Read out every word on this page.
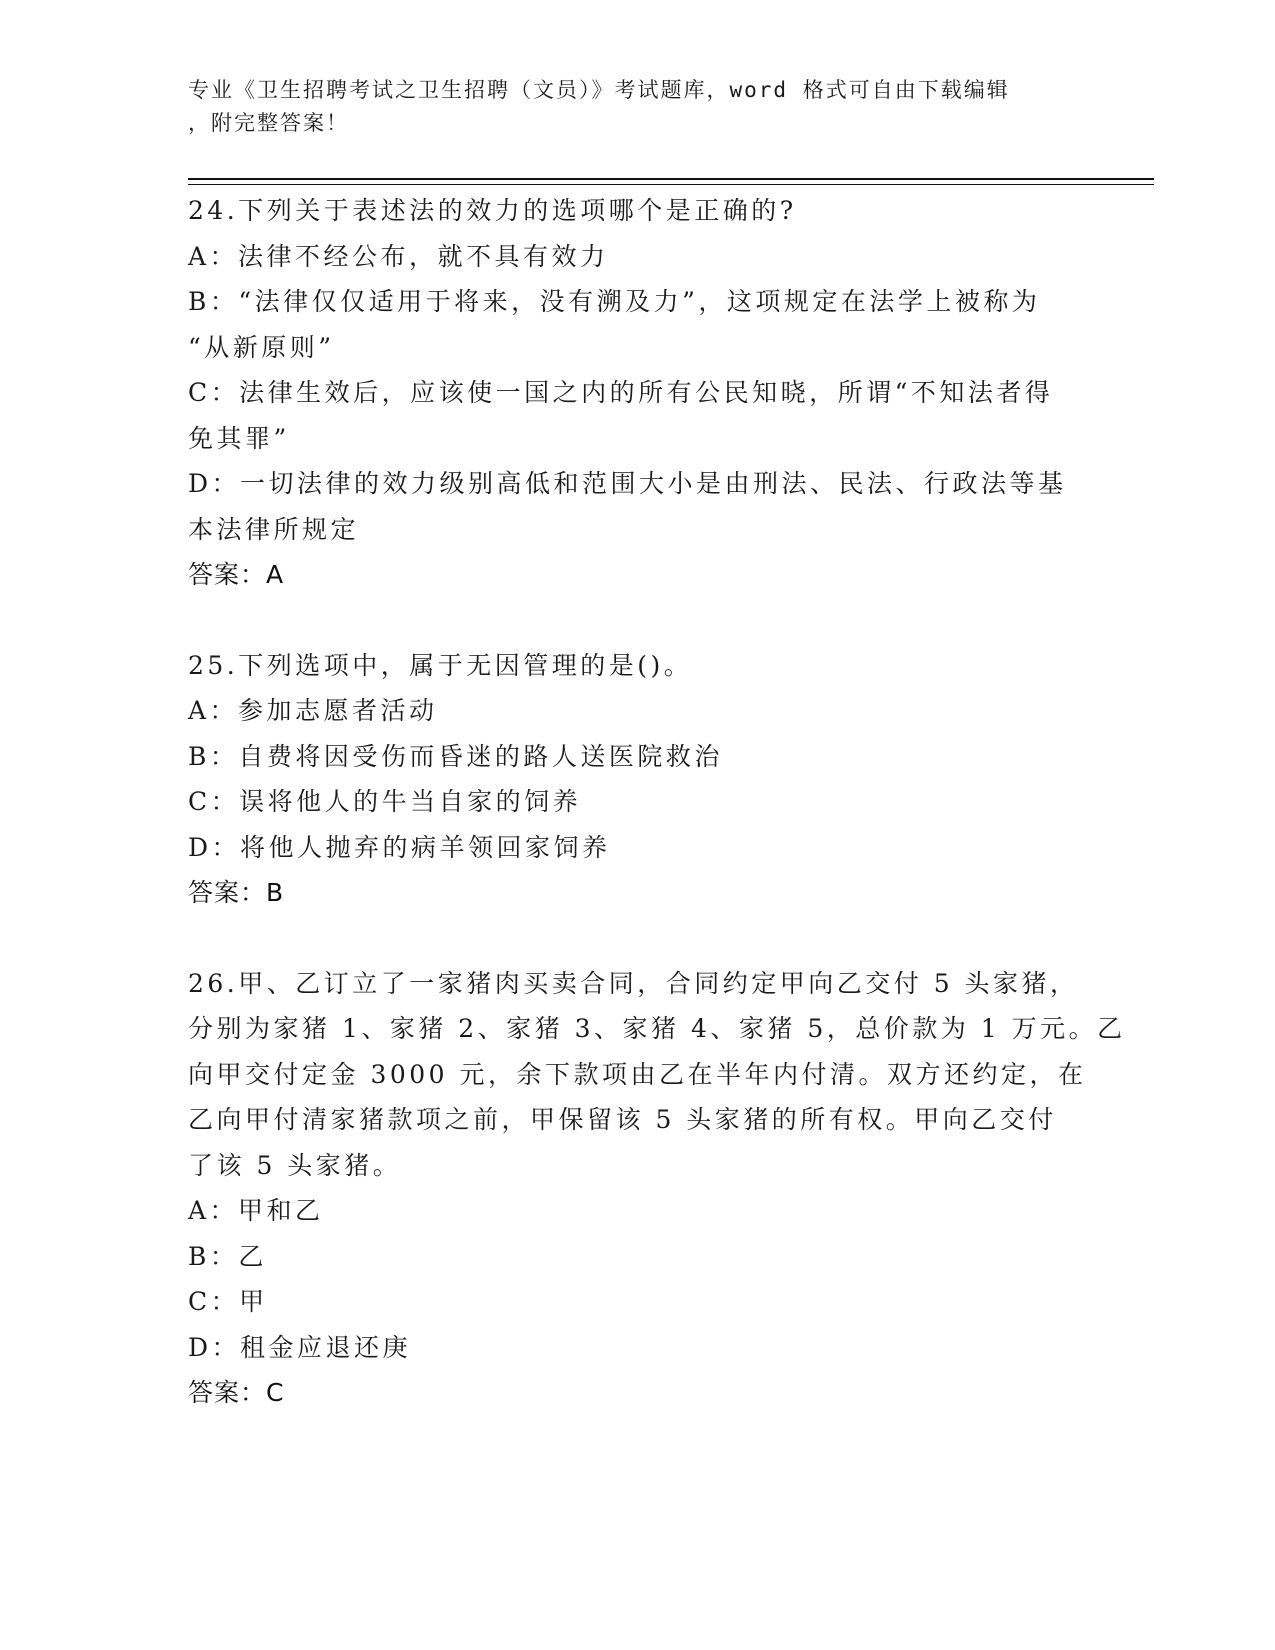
专业《卫生招聘考试之卫生招聘（文员）》考试题库，word 格式可自由下载编辑
，附完整答案！
24.下列关于表述法的效力的选项哪个是正确的?
A：法律不经公布，就不具有效力
B：“法律仅仅适用于将来，没有溯及力”，这项规定在法学上被称为
“从新原则”
C：法律生效后，应该使一国之内的所有公民知晓，所谓“不知法者得
免其罪”
D：一切法律的效力级别高低和范围大小是由刑法、民法、行政法等基
本法律所规定
答案：A
25.下列选项中，属于无因管理的是()。
A：参加志愿者活动
B：自费将因受伤而昏迷的路人送医院救治
C：误将他人的牛当自家的饲养
D：将他人抛弃的病羊领回家饲养
答案：B
26.甲、乙订立了一家猪肉买卖合同，合同约定甲向乙交付 5 头家猪，
分别为家猪 1、家猪 2、家猪 3、家猪 4、家猪 5，总价款为 1 万元。乙
向甲交付定金 3000 元，余下款项由乙在半年内付清。双方还约定，在
乙向甲付清家猪款项之前，甲保留该 5 头家猪的所有权。甲向乙交付
了该 5 头家猪。
A：甲和乙
B：乙
C：甲
D：租金应退还庚
答案：C
